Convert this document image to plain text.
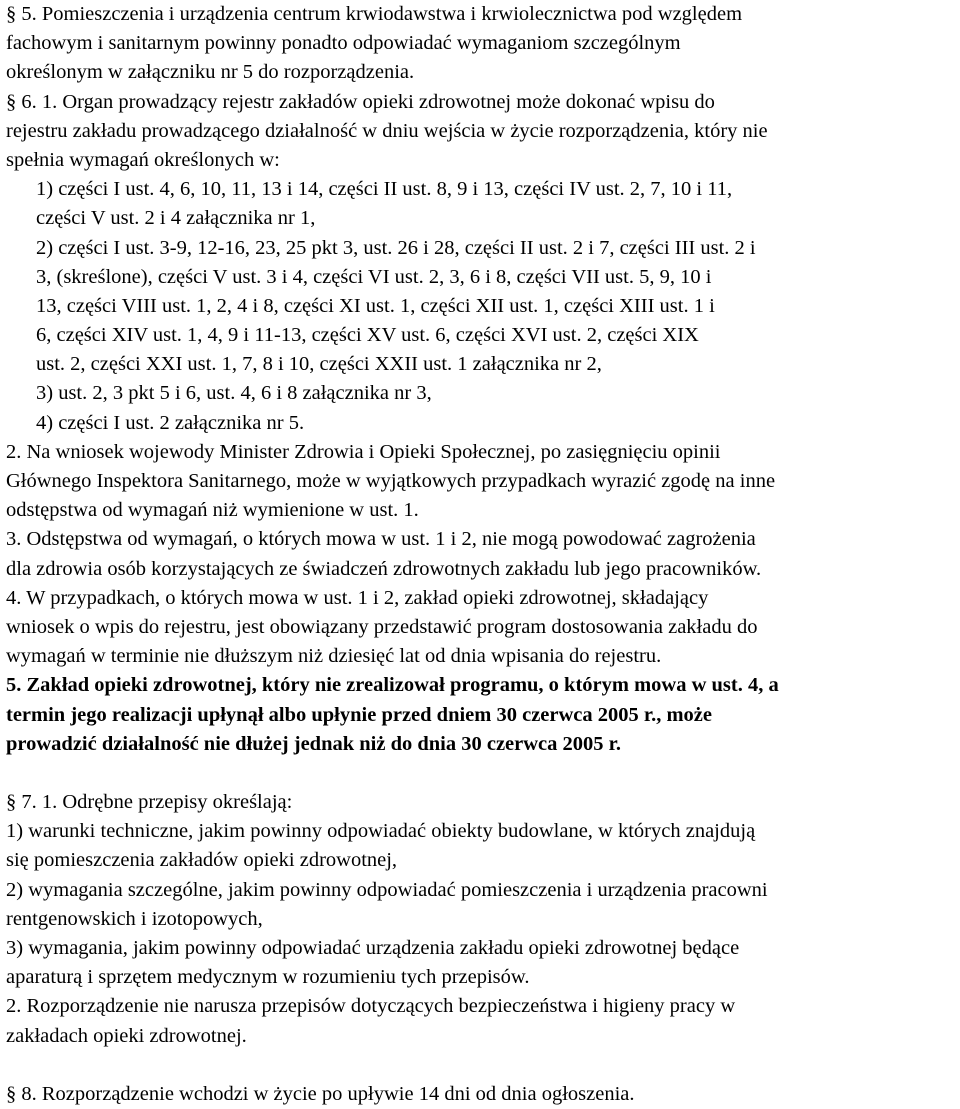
§ 5. Pomieszczenia i urządzenia centrum krwiodawstwa i krwiolecznictwa pod względem
fachowym i sanitarnym powinny ponadto odpowiadać wymaganiom szczególnym
określonym w załączniku nr 5 do rozporządzenia.
§ 6. 1. Organ prowadzący rejestr zakładów opieki zdrowotnej może dokonać wpisu do
rejestru zakładu prowadzącego działalność w dniu wejścia w życie rozporządzenia, który nie
spełnia wymagań określonych w:
1) części I ust. 4, 6, 10, 11, 13 i 14, części II ust. 8, 9 i 13, części IV ust. 2, 7, 10 i 11,
części V ust. 2 i 4 załącznika nr 1,
2) części I ust. 3-9, 12-16, 23, 25 pkt 3, ust. 26 i 28, części II ust. 2 i 7, części III ust. 2 i
3, (skreślone), części V ust. 3 i 4, części VI ust. 2, 3, 6 i 8, części VII ust. 5, 9, 10 i
13, części VIII ust. 1, 2, 4 i 8, części XI ust. 1, części XII ust. 1, części XIII ust. 1 i
6, części XIV ust. 1, 4, 9 i 11-13, części XV ust. 6, części XVI ust. 2, części XIX
ust. 2, części XXI ust. 1, 7, 8 i 10, części XXII ust. 1 załącznika nr 2,
3) ust. 2, 3 pkt 5 i 6, ust. 4, 6 i 8 załącznika nr 3,
4) części I ust. 2 załącznika nr 5.
2. Na wniosek wojewody Minister Zdrowia i Opieki Społecznej, po zasięgnięciu opinii
Głównego Inspektora Sanitarnego, może w wyjątkowych przypadkach wyrazić zgodę na inne
odstępstwa od wymagań niż wymienione w ust. 1.
3. Odstępstwa od wymagań, o których mowa w ust. 1 i 2, nie mogą powodować zagrożenia
dla zdrowia osób korzystających ze świadczeń zdrowotnych zakładu lub jego pracowników.
4. W przypadkach, o których mowa w ust. 1 i 2, zakład opieki zdrowotnej, składający
wniosek o wpis do rejestru, jest obowiązany przedstawić program dostosowania zakładu do
wymagań w terminie nie dłuższym niż dziesięć lat od dnia wpisania do rejestru.
5. Zakład opieki zdrowotnej, który nie zrealizował programu, o którym mowa w ust. 4, a
termin jego realizacji upłynął albo upłynie przed dniem 30 czerwca 2005 r., może
prowadzić działalność nie dłużej jednak niż do dnia 30 czerwca 2005 r.
§ 7. 1. Odrębne przepisy określają:
1) warunki techniczne, jakim powinny odpowiadać obiekty budowlane, w których znajdują
się pomieszczenia zakładów opieki zdrowotnej,
2) wymagania szczególne, jakim powinny odpowiadać pomieszczenia i urządzenia pracowni
rentgenowskich i izotopowych,
3) wymagania, jakim powinny odpowiadać urządzenia zakładu opieki zdrowotnej będące
aparaturą i sprzętem medycznym w rozumieniu tych przepisów.
2. Rozporządzenie nie narusza przepisów dotyczących bezpieczeństwa i higieny pracy w
zakładach opieki zdrowotnej.
§ 8. Rozporządzenie wchodzi w życie po upływie 14 dni od dnia ogłoszenia.
